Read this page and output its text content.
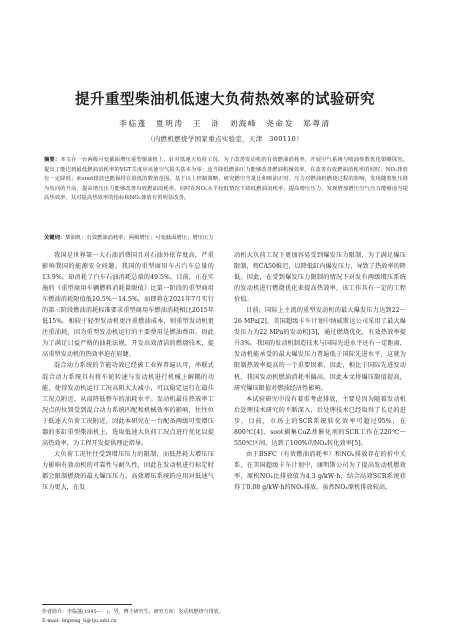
提升重型柴油机低速大负荷热效率的试验研究
李临蓬　夏明涛　王　浒　刘海峰　尧命发　郑尊清
（内燃机燃烧学国家重点实验室，天津　300110）
摘要：本文在一台两级可变截面增压重型柴油机上，针对低速大负荷工况，为了改善发动机的有效燃油消耗率，开展空气系统与喷油参数优化策略探究。提出了能达到最低燃油消耗率的VGT关度应该使空气损失基本为零；适当降低燃油压力能够改善燃油机械效率，在改善有效燃油消耗率的同时，NOₓ排放有一定降低；而soot排放也能保持在很低的数值范围。基于以上控制策略，研究燃空当量比和喷油正时、压力对燃油机燃烧过程的影响，发现随着轨压降为负向的升高，提高增压压力能够改善有效燃油消耗率，同时在NOₓ水平较低情况下降低燃油消耗率，提高增压压力，发现增加增压空气压力能够适当提高热效率，其对提高热效率的指标和NOₓ排放有着明显改善。
关键词：柴油机；有效燃油消耗率；两级增压；可变截面增压；增压压力

我国是世界第一大石油消费国且对石油外依存度高，严重影响我国的能源安全问题。我国的重型商用车占汽车总量的13.9%，却消耗了汽车石油消耗总量的49.5%。目前，正在实施的《重型商用车辆燃料消耗量限值》比第一阶段的重型商用车燃油消耗限值低10.5%～14.5%，而即将在2021年7月实行的第三阶段燃油消耗标准要求重型商用车燃油消耗相比2015年低15%。相较于轻型发动机更注重燃油成本，则重型发动机更注重油耗，因为重型发动机运行的主要费用是燃油费用。因此为了满足日益严格的油耗法规，开发高效清洁的燃烧技术，提高重型发动机的热效率迫在眉睫。

混合动力系统的节能功效已经被工业界普遍认可，串联式混合动力系统具有将车轮转速与发动机进行机械上解耦的功能，使得发动机运行工况高阻大大减小，可以稳定运行在最佳工况点附近，从而降低整车的油耗水平。发动机最佳热效率工况点的位置受到混合动力系统匹配和机械效率的影响，往往位于低速大负荷工况附近，因此本研究在一台配备两级可变增压器的多缸重型柴油机上，选取低速大负荷工况点进行优化以提高热效率，为工程开发提供理论指导。

大负荷工况往往受到增压压力的限制，而低热耗大增压压力影响有效动机的可靠性与耐久性，因此在发动机进行标定时都会限制燃烧的最大爆压压力。高效增压系统的应用对低速气压力更大，在发

动机大负荷工况下更加容易受到爆发压力限制，为了满足爆压限制，将CA50推迟，以降低缸内爆发压力，导致了热效率的降低。因此，在受到爆发压力限制的情况下对发有两级增压系统的发动机进行燃烧优化来提高热效率，该工作具有一定的工程价值。

目前，国际上主流的重型发动机的最大爆发压力达到22～26 MPa[2]，美国超级卡车计划中纳威斯达公司采用了最大爆发压力为22 MPa的发动机[3]，通过燃烧优化，有效热效率提升3%。我国的发动机制造技术与国际先进水平还有一定距离，发动机能承受的最大爆发压力普遍低于国际先进水平，这就为限制热效率提高的一个重要因素，因此，相比于国际先进发动机，我国发动机燃油消耗率偏高。因此本文将爆压限值提高，研究爆压限值对燃油经济性影响。

本试验研究中没有着重考虑排放，主要是因为随着发动机后处理技术研究的不断深入，后处理技术已经取得了长足的进步。目前，市场上的SCR系统转化效率可超过95%，在800℃[4]、soot捕集CuZ基催化剂的SCR工作在220℃～550℃区间，达到了100%的NOₓ转化效率[5]。

由于BSFC（有效燃油消耗率）和NOₓ排放存在的折中关系，在美国超级卡车计划中，康明斯公司为了提高发动机燃效率，原机NOₓ比排放值为4.3 g/kW·h，结合高效SCR系统获得了0.08 g/kW·h的NOₓ排放。虽然NOₓ原机排放较高，

作者简介：李临蓬(1995—　)，男，博士研究生；研究方向：发动机燃烧与排放。
E-mail: linpeng_li@tju.edu.cn
